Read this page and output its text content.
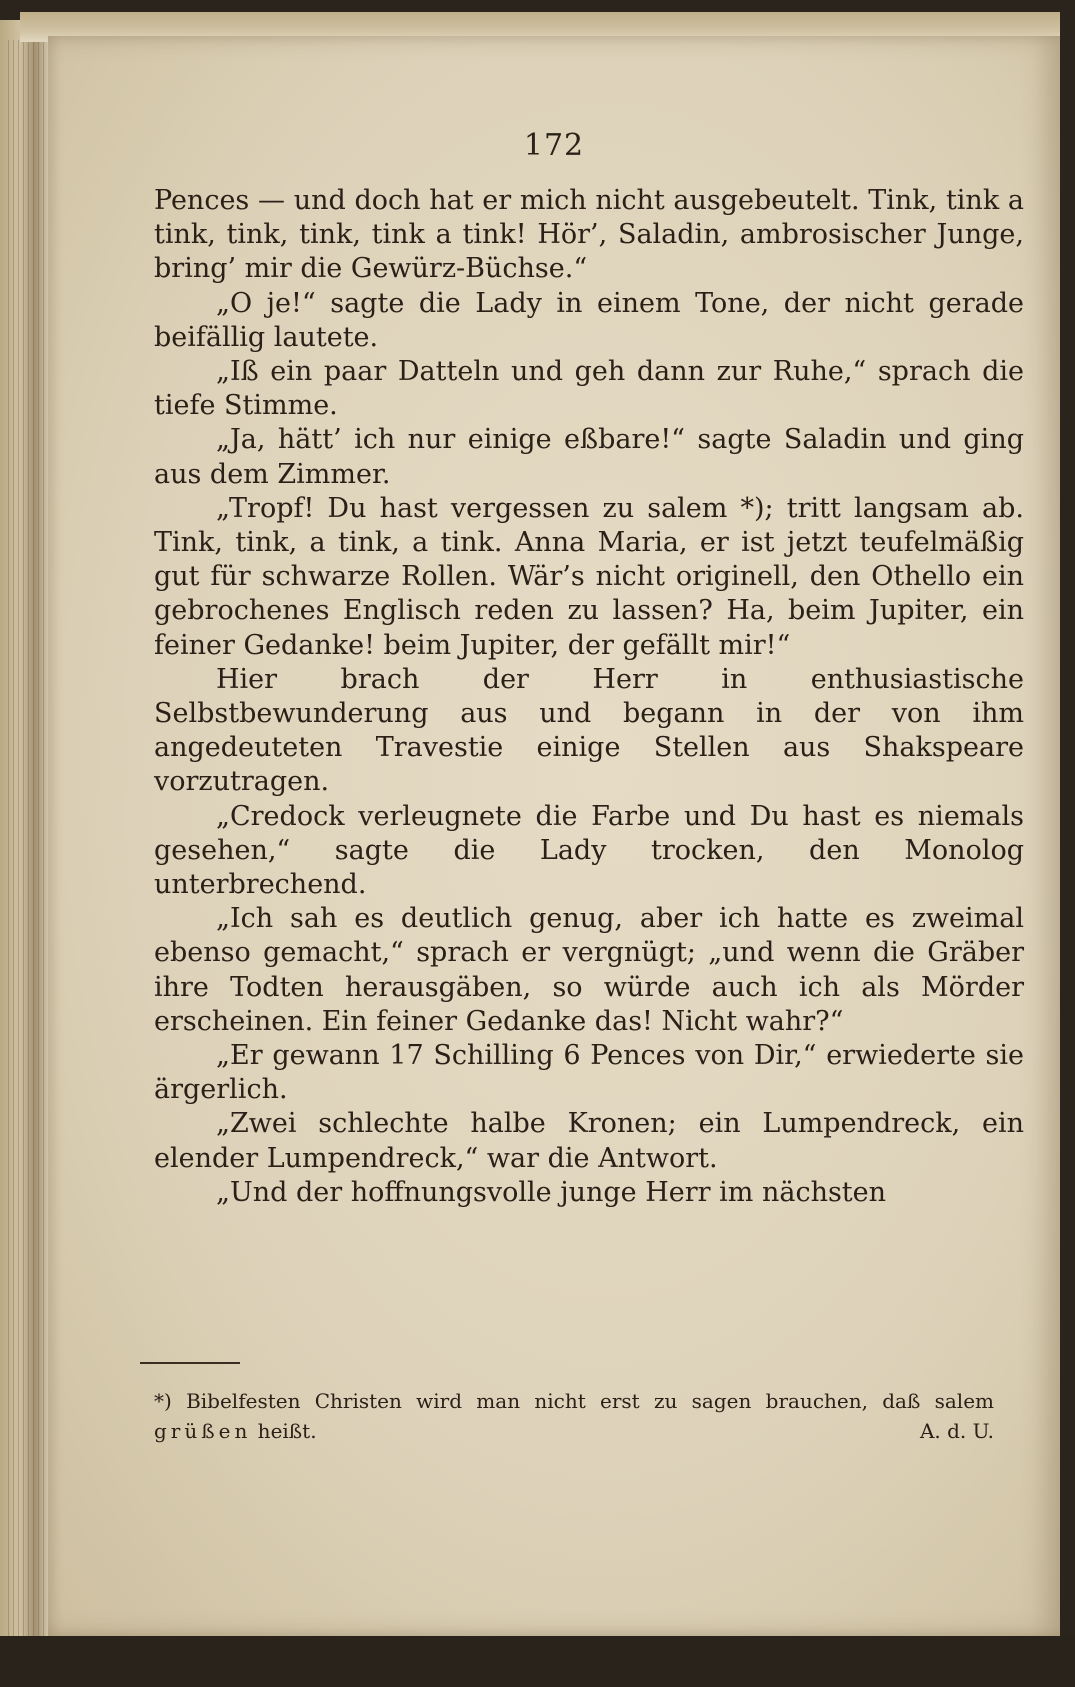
172

Pences — und doch hat er mich nicht ausgebeutelt. Tink, tink a tink, tink, tink, tink a tink! Hör’, Saladin, ambrosischer Junge, bring’ mir die Gewürz-Büchse.“

„O je!“ sagte die Lady in einem Tone, der nicht gerade beifällig lautete.

„Iß ein paar Datteln und geh dann zur Ruhe,“ sprach die tiefe Stimme.

„Ja, hätt’ ich nur einige eßbare!“ sagte Saladin und ging aus dem Zimmer.

„Tropf! Du hast vergessen zu salem *); tritt langsam ab. Tink, tink, a tink, a tink. Anna Maria, er ist jetzt teufelmäßig gut für schwarze Rollen. Wär’s nicht originell, den Othello ein gebrochenes Englisch reden zu lassen? Ha, beim Jupiter, ein feiner Gedanke! beim Jupiter, der gefällt mir!“

Hier brach der Herr in enthusiastische Selbstbewunderung aus und begann in der von ihm angedeuteten Travestie einige Stellen aus Shakspeare vorzutragen.

„Credock verleugnete die Farbe und Du hast es niemals gesehen,“ sagte die Lady trocken, den Monolog unterbrechend.

„Ich sah es deutlich genug, aber ich hatte es zweimal ebenso gemacht,“ sprach er vergnügt; „und wenn die Gräber ihre Todten herausgäben, so würde auch ich als Mörder erscheinen. Ein feiner Gedanke das! Nicht wahr?“

„Er gewann 17 Schilling 6 Pences von Dir,“ erwiederte sie ärgerlich.

„Zwei schlechte halbe Kronen; ein Lumpendreck, ein elender Lumpendreck,“ war die Antwort.

„Und der hoffnungsvolle junge Herr im nächsten

*) Bibelfesten Christen wird man nicht erst zu sagen brauchen, daß salem grüßen heißt.	A. d. U.
